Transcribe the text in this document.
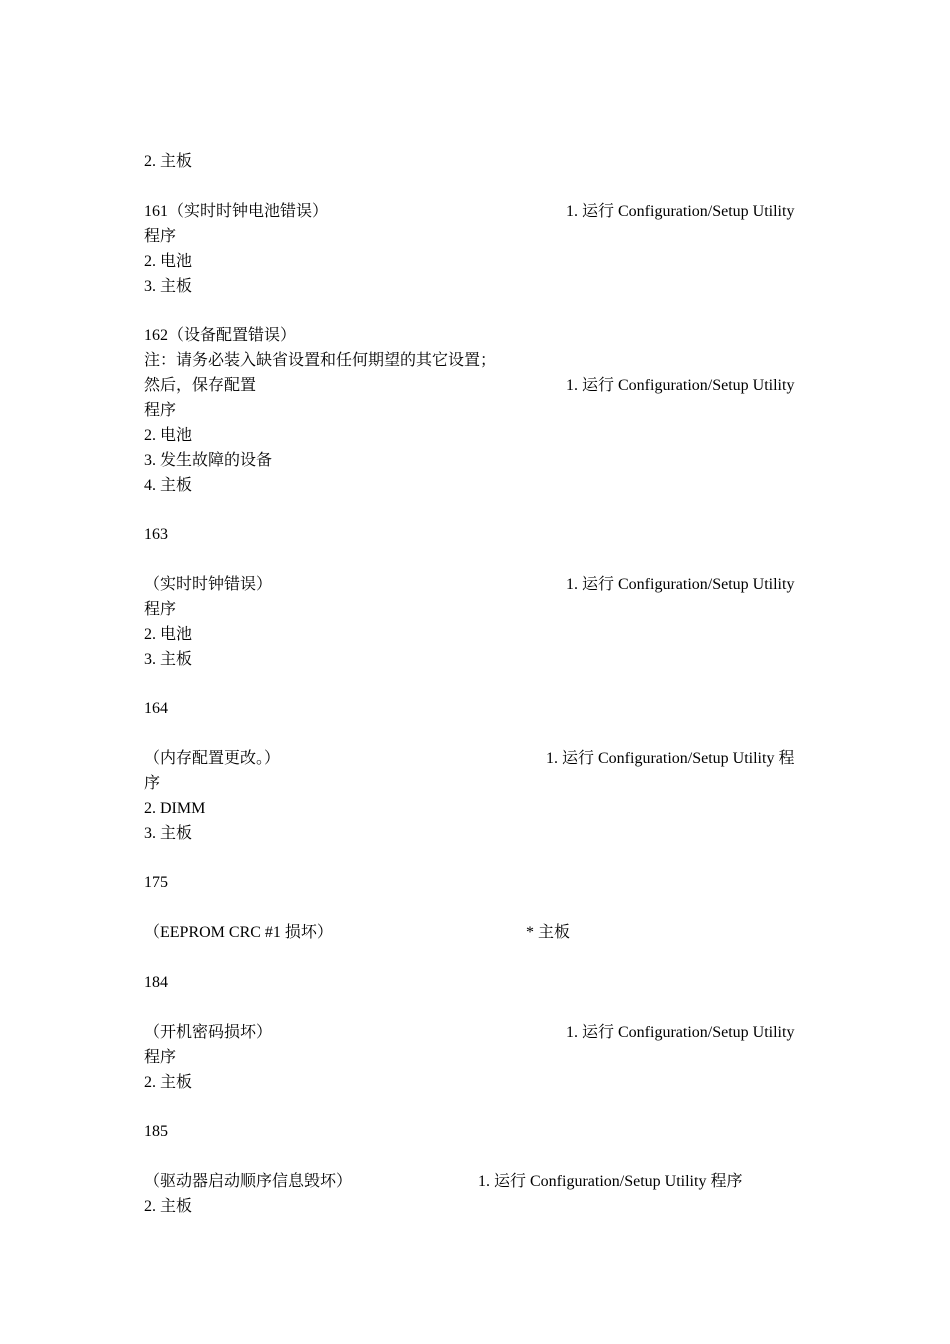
2. 主板
161（实时时钟电池错误）	1. 运行 Configuration/Setup Utility
程序
2. 电池
3. 主板
162（设备配置错误）
注：请务必装入缺省设置和任何期望的其它设置；
然后，保存配置	1. 运行 Configuration/Setup Utility
程序
2. 电池
3. 发生故障的设备
4. 主板
163
（实时时钟错误）	1. 运行 Configuration/Setup Utility
程序
2. 电池
3. 主板
164
（内存配置更改。）	1. 运行 Configuration/Setup Utility 程
序
2. DIMM
3. 主板
175
（EEPROM CRC #1 损坏）	* 主板
184
（开机密码损坏）	1. 运行 Configuration/Setup Utility
程序
2. 主板
185
（驱动器启动顺序信息毁坏）	1. 运行 Configuration/Setup Utility 程序
2. 主板
